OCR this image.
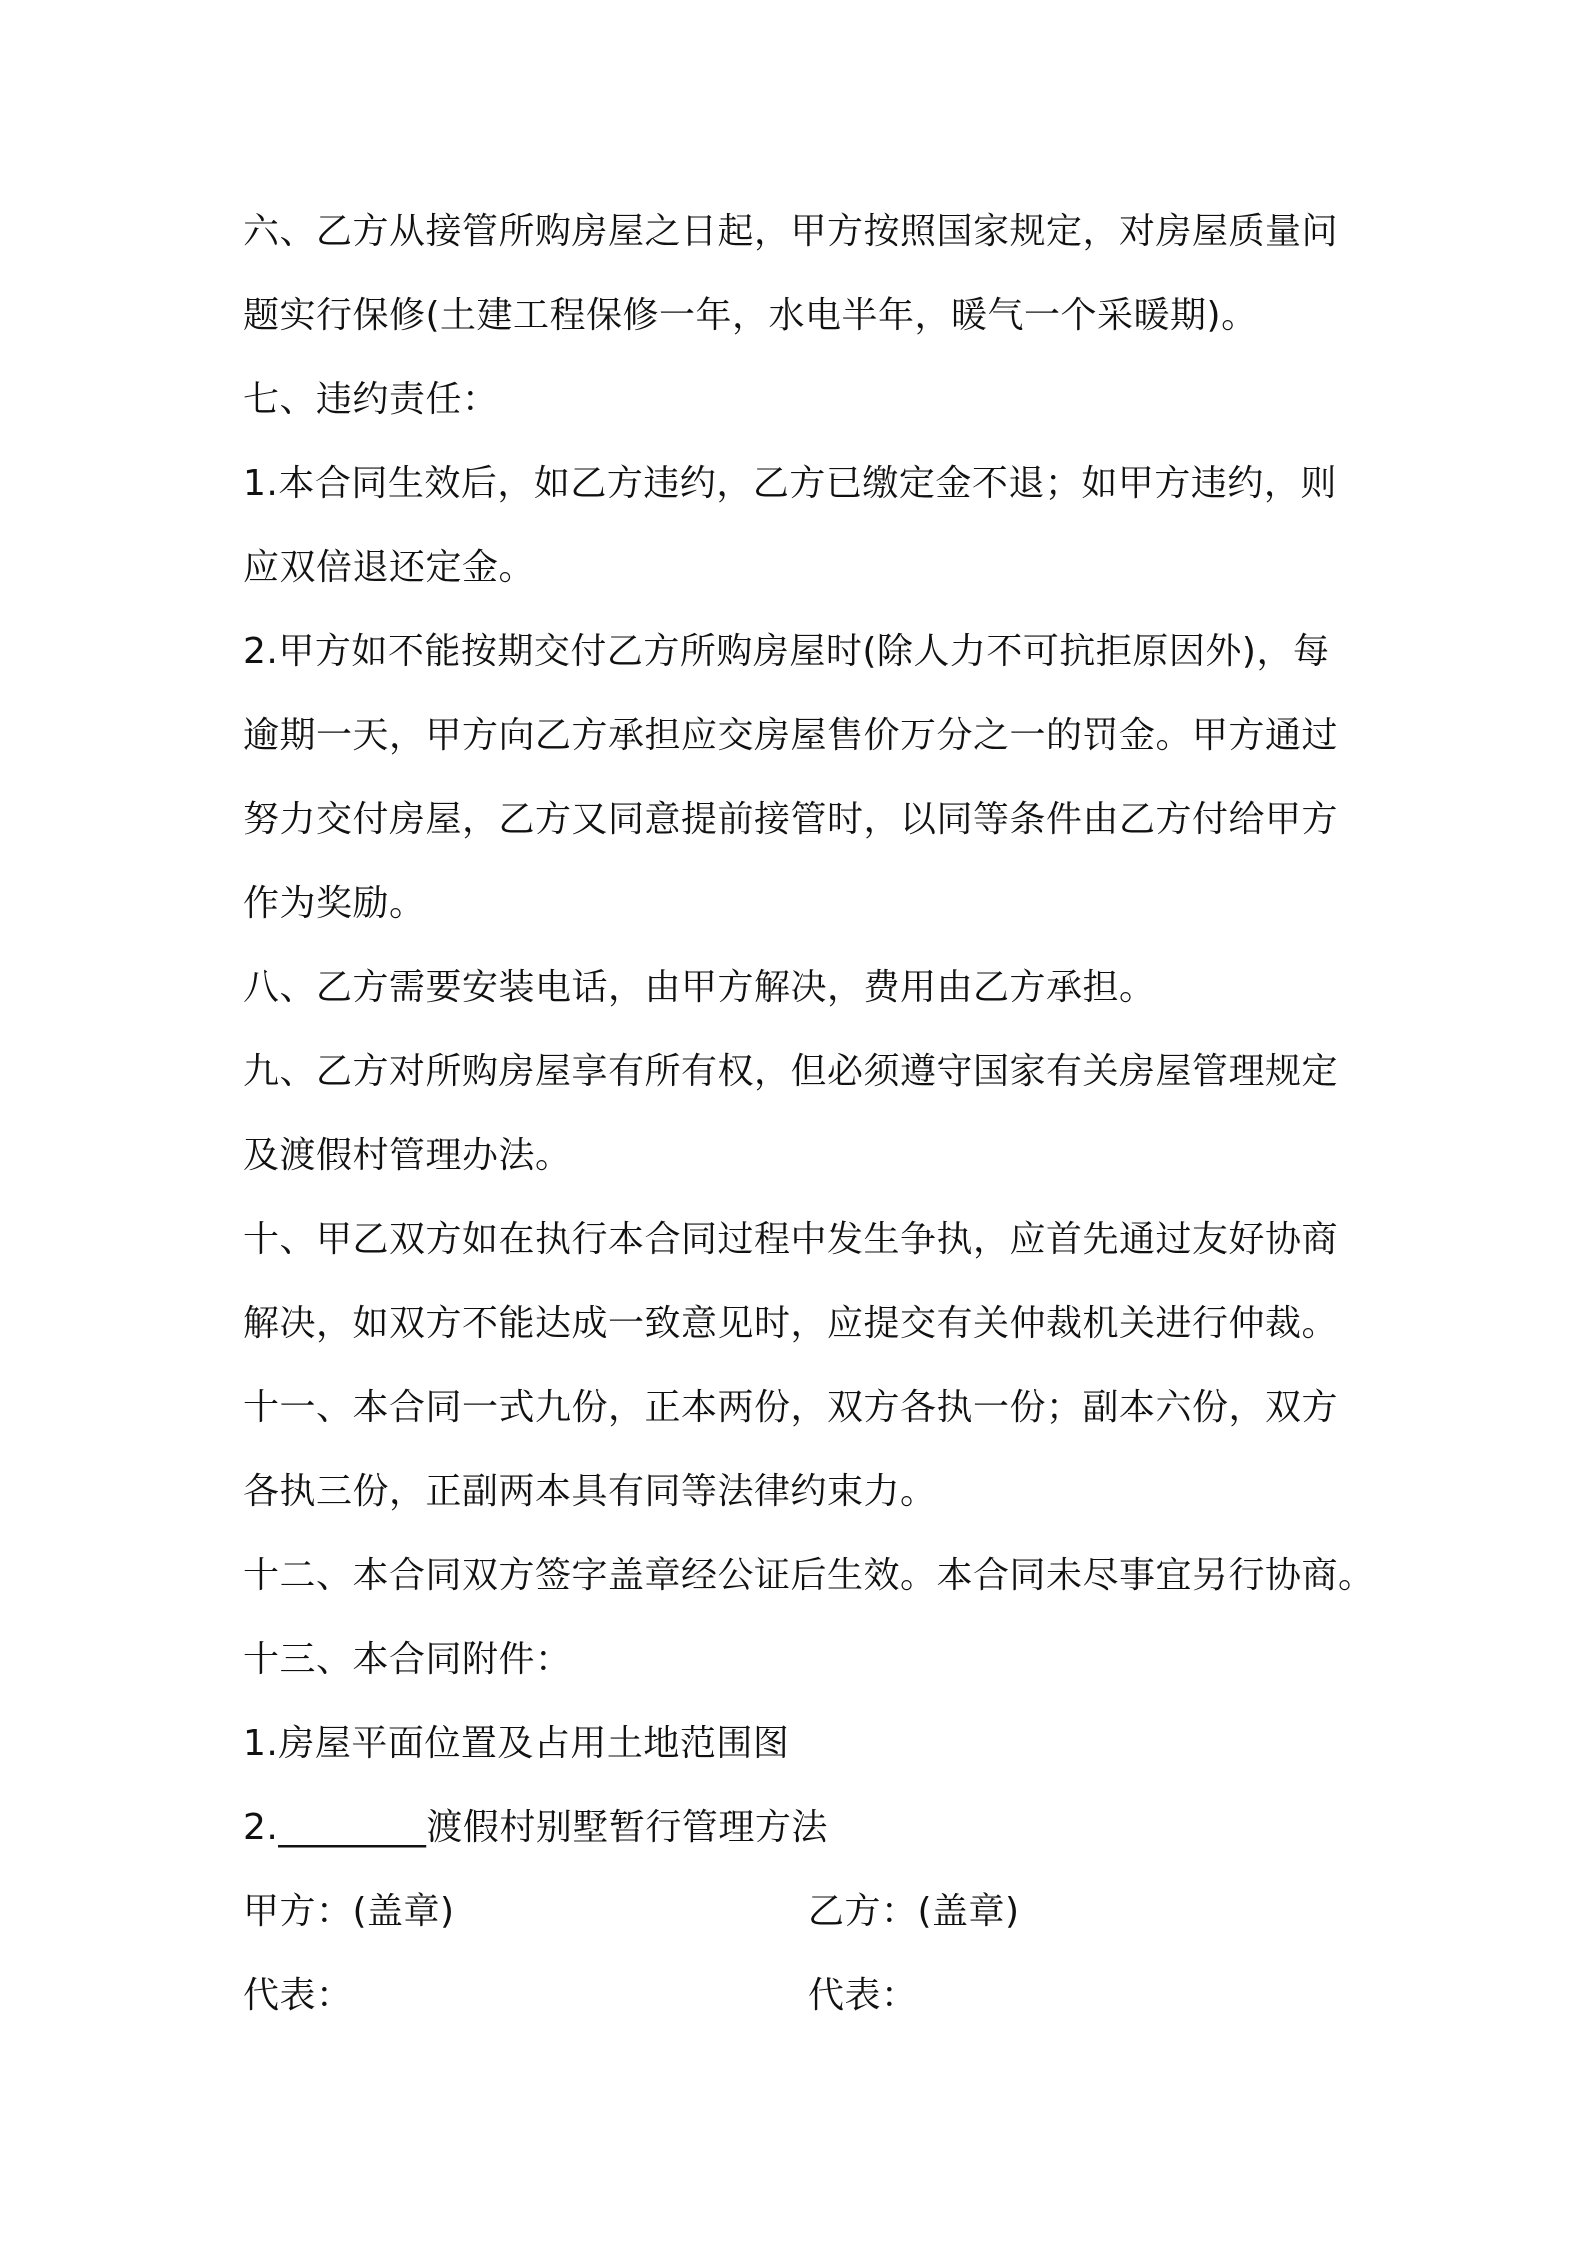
六、乙方从接管所购房屋之日起，甲方按照国家规定，对房屋质量问
题实行保修(土建工程保修一年，水电半年，暖气一个采暖期)。
七、违约责任：
1.本合同生效后，如乙方违约，乙方已缴定金不退；如甲方违约，则
应双倍退还定金。
2.甲方如不能按期交付乙方所购房屋时(除人力不可抗拒原因外)，每
逾期一天，甲方向乙方承担应交房屋售价万分之一的罚金。甲方通过
努力交付房屋，乙方又同意提前接管时，以同等条件由乙方付给甲方
作为奖励。
八、乙方需要安装电话，由甲方解决，费用由乙方承担。
九、乙方对所购房屋享有所有权，但必须遵守国家有关房屋管理规定
及渡假村管理办法。
十、甲乙双方如在执行本合同过程中发生争执，应首先通过友好协商
解决，如双方不能达成一致意见时，应提交有关仲裁机关进行仲裁。
十一、本合同一式九份，正本两份，双方各执一份；副本六份，双方
各执三份，正副两本具有同等法律约束力。
十二、本合同双方签字盖章经公证后生效。本合同未尽事宜另行协商。
十三、本合同附件：
1.房屋平面位置及占用土地范围图
2.________渡假村别墅暂行管理方法
甲方：(盖章)	乙方：(盖章)
代表：	代表：
